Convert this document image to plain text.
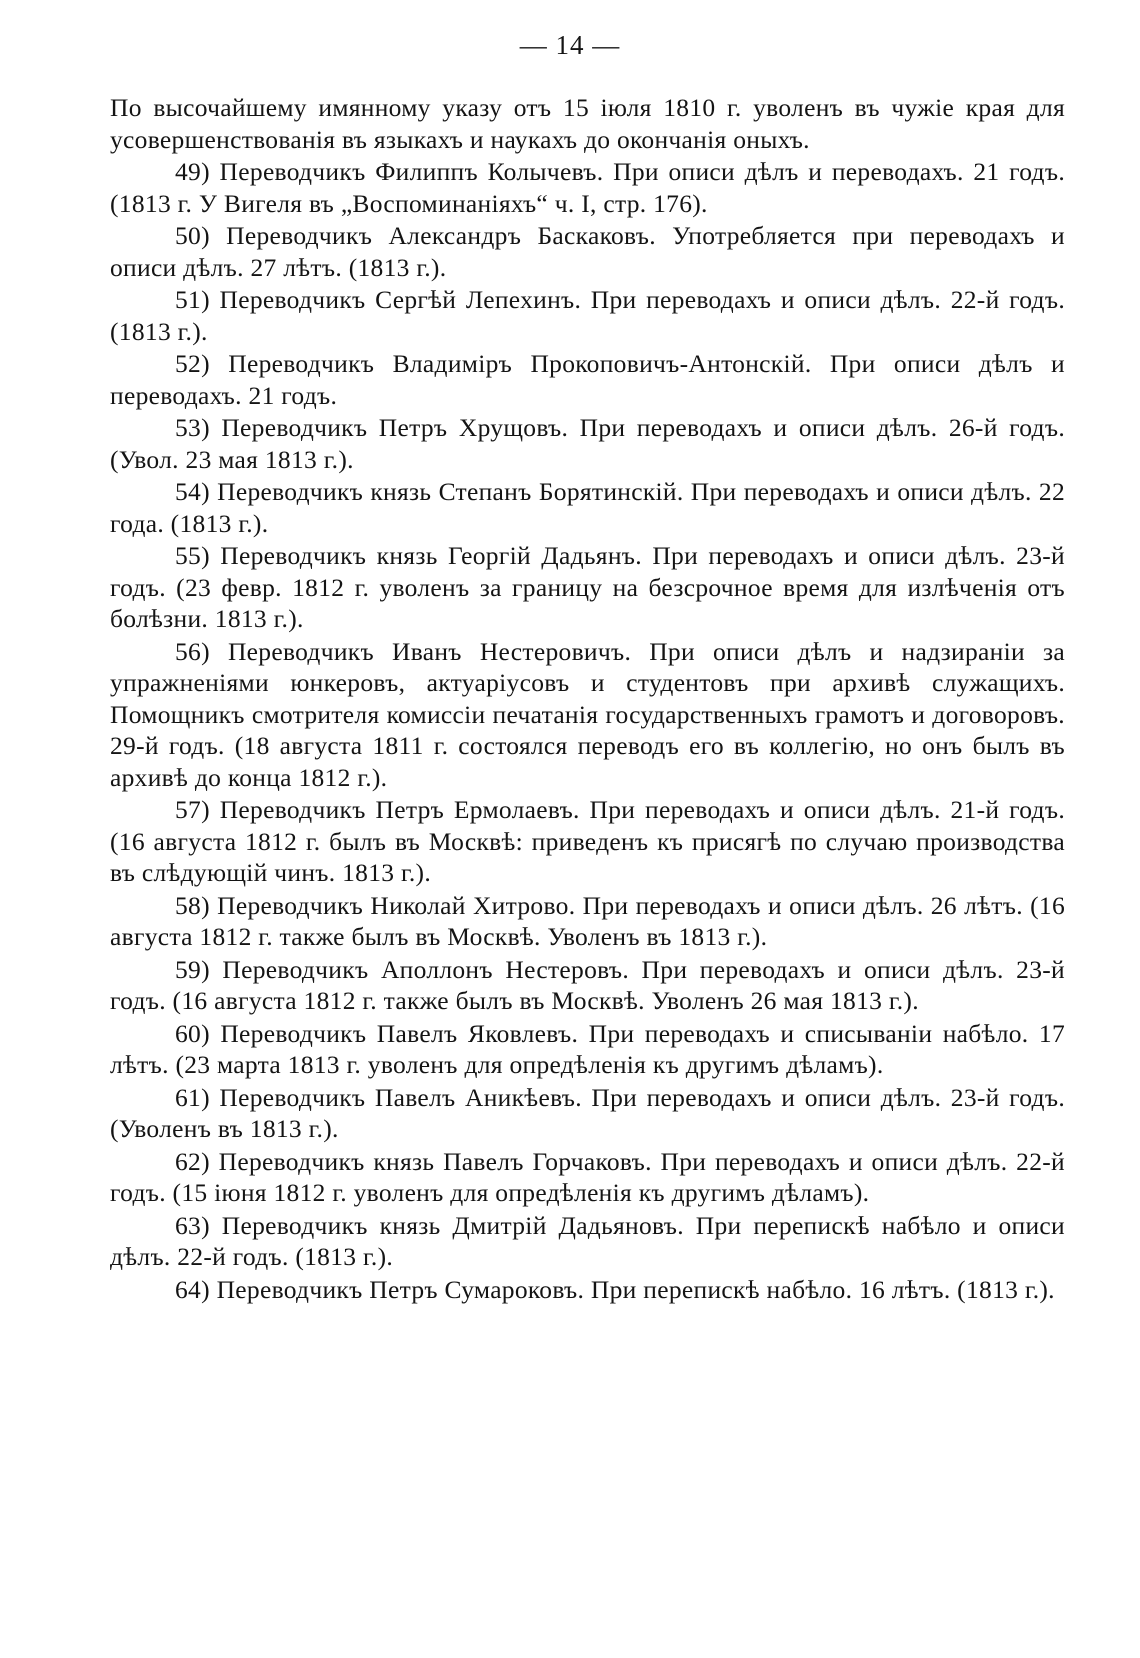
— 14 —

По высочайшему имянному указу отъ 15 іюля 1810 г. уволенъ въ чужіе края для усовершенствованія въ языкахъ и наукахъ до окончанія оныхъ.

49) Переводчикъ Филиппъ Колычевъ. При описи дѣлъ и переводахъ. 21 годъ. (1813 г. У Вигеля въ „Воспоминаніяхъ“ ч. I, стр. 176).

50) Переводчикъ Александръ Баскаковъ. Употребляется при переводахъ и описи дѣлъ. 27 лѣтъ. (1813 г.).

51) Переводчикъ Сергѣй Лепехинъ. При переводахъ и описи дѣлъ. 22-й годъ. (1813 г.).

52) Переводчикъ Владиміръ Прокоповичъ-Антонскій. При описи дѣлъ и переводахъ. 21 годъ.

53) Переводчикъ Петръ Хрущовъ. При переводахъ и описи дѣлъ. 26-й годъ. (Увол. 23 мая 1813 г.).

54) Переводчикъ князь Степанъ Борятинскій. При переводахъ и описи дѣлъ. 22 года. (1813 г.).

55) Переводчикъ князь Георгій Дадьянъ. При переводахъ и описи дѣлъ. 23-й годъ. (23 февр. 1812 г. уволенъ за границу на безсрочное время для излѣченія отъ болѣзни. 1813 г.).

56) Переводчикъ Иванъ Нестеровичъ. При описи дѣлъ и надзираніи за упражненіями юнкеровъ, актуаріусовъ и студентовъ при архивѣ служащихъ. Помощникъ смотрителя комиссіи печатанія государственныхъ грамотъ и договоровъ. 29-й годъ. (18 августа 1811 г. состоялся переводъ его въ коллегію, но онъ былъ въ архивѣ до конца 1812 г.).

57) Переводчикъ Петръ Ермолаевъ. При переводахъ и описи дѣлъ. 21-й годъ. (16 августа 1812 г. былъ въ Москвѣ: приведенъ къ присягѣ по случаю производства въ слѣдующій чинъ. 1813 г.).

58) Переводчикъ Николай Хитрово. При переводахъ и описи дѣлъ. 26 лѣтъ. (16 августа 1812 г. также былъ въ Москвѣ. Уволенъ въ 1813 г.).

59) Переводчикъ Аполлонъ Нестеровъ. При переводахъ и описи дѣлъ. 23-й годъ. (16 августа 1812 г. также былъ въ Москвѣ. Уволенъ 26 мая 1813 г.).

60) Переводчикъ Павелъ Яковлевъ. При переводахъ и списываніи набѣло. 17 лѣтъ. (23 марта 1813 г. уволенъ для опредѣленія къ другимъ дѣламъ).

61) Переводчикъ Павелъ Аникѣевъ. При переводахъ и описи дѣлъ. 23-й годъ. (Уволенъ въ 1813 г.).

62) Переводчикъ князь Павелъ Горчаковъ. При переводахъ и описи дѣлъ. 22-й годъ. (15 іюня 1812 г. уволенъ для опредѣленія къ другимъ дѣламъ).

63) Переводчикъ князь Дмитрій Дадьяновъ. При перепискѣ набѣло и описи дѣлъ. 22-й годъ. (1813 г.).

64) Переводчикъ Петръ Сумароковъ. При перепискѣ набѣло. 16 лѣтъ. (1813 г.).
